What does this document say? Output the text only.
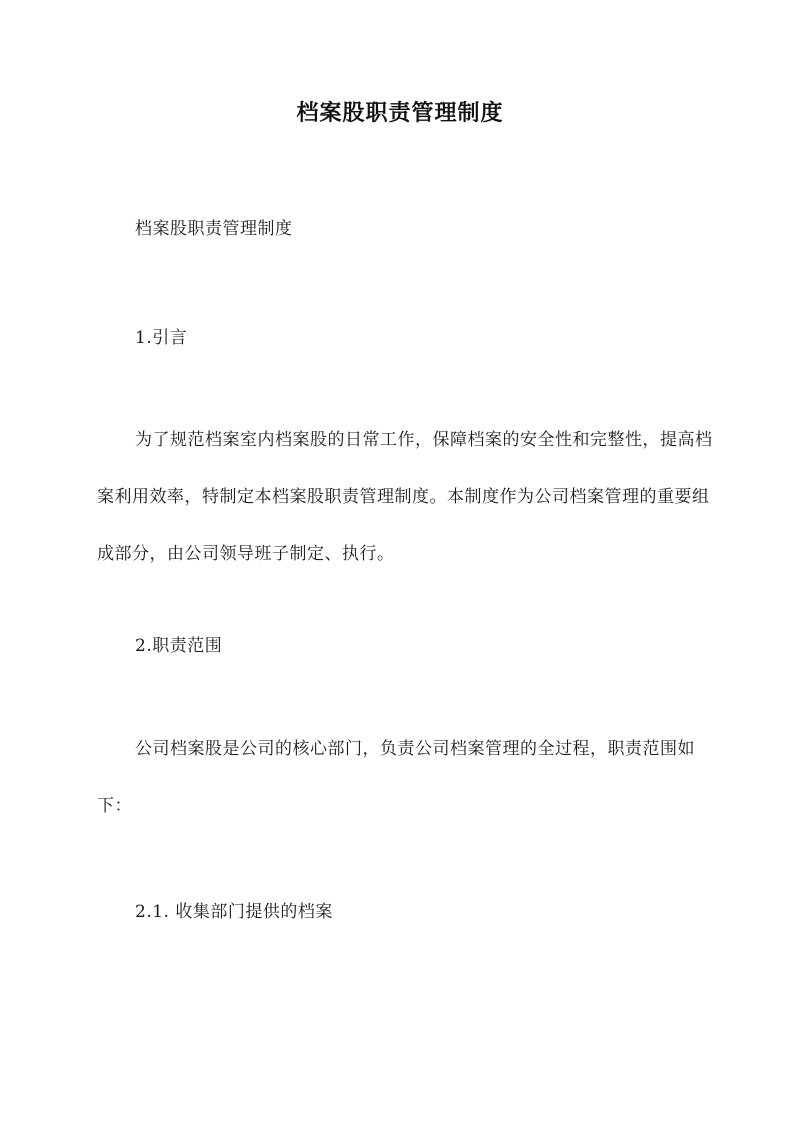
档案股职责管理制度
档案股职责管理制度
1.引言
为了规范档案室内档案股的日常工作，保障档案的安全性和完整性，提高档案利用效率，特制定本档案股职责管理制度。本制度作为公司档案管理的重要组成部分，由公司领导班子制定、执行。
2.职责范围
公司档案股是公司的核心部门，负责公司档案管理的全过程，职责范围如下：
2.1. 收集部门提供的档案
